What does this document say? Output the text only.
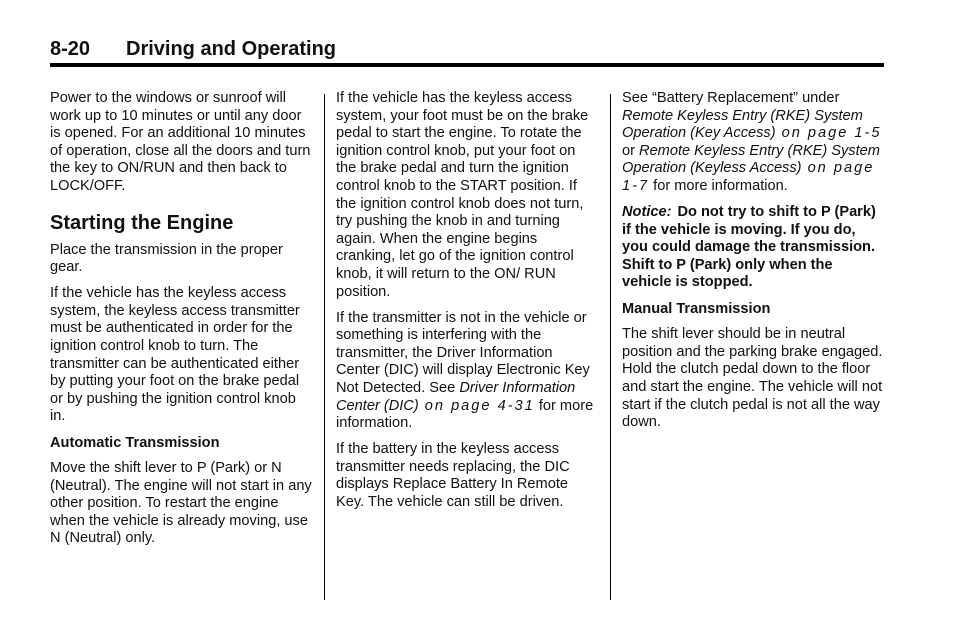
8-20 Driving and Operating

Power to the windows or sunroof will work up to 10 minutes or until any door is opened. For an additional 10 minutes of operation, close all the doors and turn the key to ON/RUN and then back to LOCK/OFF.

Starting the Engine

Place the transmission in the proper gear.

If the vehicle has the keyless access system, the keyless access transmitter must be authenticated in order for the ignition control knob to turn. The transmitter can be authenticated either by putting your foot on the brake pedal or by pushing the ignition control knob in.

Automatic Transmission

Move the shift lever to P (Park) or N (Neutral). The engine will not start in any other position. To restart the engine when the vehicle is already moving, use N (Neutral) only.

If the vehicle has the keyless access system, your foot must be on the brake pedal to start the engine. To rotate the ignition control knob, put your foot on the brake pedal and turn the ignition control knob to the START position. If the ignition control knob does not turn, try pushing the knob in and turning again. When the engine begins cranking, let go of the ignition control knob, it will return to the ON/ RUN position.

If the transmitter is not in the vehicle or something is interfering with the transmitter, the Driver Information Center (DIC) will display Electronic Key Not Detected. See Driver Information Center (DIC) on page 4-31 for more information.

If the battery in the keyless access transmitter needs replacing, the DIC displays Replace Battery In Remote Key. The vehicle can still be driven.

See “Battery Replacement” under Remote Keyless Entry (RKE) System Operation (Key Access) on page 1-5 or Remote Keyless Entry (RKE) System Operation (Keyless Access) on page 1-7 for more information.

Notice: Do not try to shift to P (Park) if the vehicle is moving. If you do, you could damage the transmission. Shift to P (Park) only when the vehicle is stopped.

Manual Transmission

The shift lever should be in neutral position and the parking brake engaged. Hold the clutch pedal down to the floor and start the engine. The vehicle will not start if the clutch pedal is not all the way down.
